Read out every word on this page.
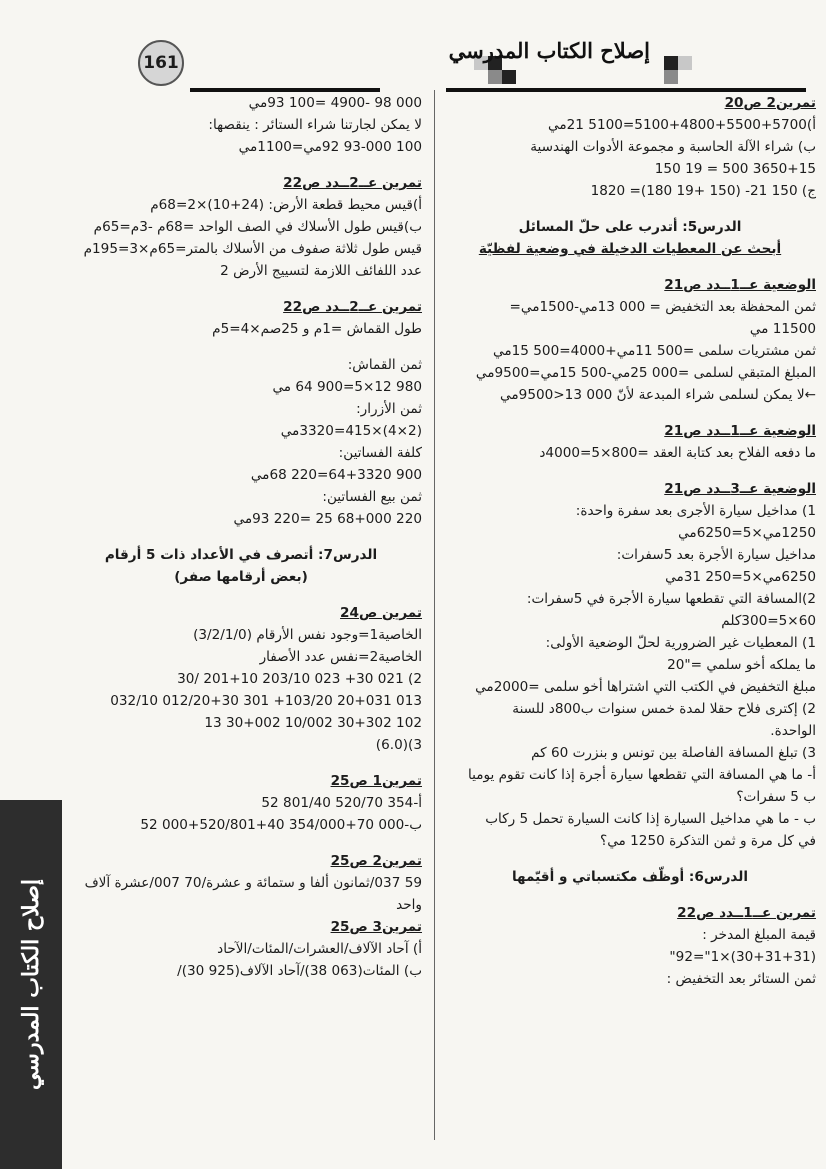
إصلاح الكتاب المدرسي
161
تمرين2 ص20
أ)5700+5500+4800+5100=5100 21مي
ب) شراء الآلة الحاسبة و مجموعة الأدوات الهندسية
3650+15 500 = 19 150
ج) 150 21- (150 +19 180)= 1820
الدرس5: أتدرب على حلّ المسائل
أبحث عن المعطيات الدخيلة في وضعية لفظيّة
الوضعية عــ1ــدد ص21
ثمن المحفظة بعد التخفيض = 000 13مي-1500مي=
11500 مي
ثمن مشتريات سلمى =500 11مي+4000=500 15مي
المبلغ المتبقي لسلمى =000 25مي-500 15مي=9500مي
←لا يمكن لسلمى شراء المبدعة لأنّ 000 13<9500مي
الوضعية عــ1ــدد ص21
ما دفعه الفلاح بعد كتابة العقد =800×5=4000د
الوضعية عــ3ــدد ص21
1) مداخيل سيارة الأجرى بعد سفرة واحدة:
1250مي×5=6250مي
مداخيل سيارة الأجرة بعد 5سفرات:
6250مي×5=250 31مي
2)المسافة التي تقطعها سيارة الأجرة في 5سفرات:
60×5=300كلم
1) المعطيات غير الضرورية لحلّ الوضعية الأولى:
ما يملكه أخو سلمي ="20
مبلغ التخفيض في الكتب التي اشتراها أخو سلمى =2000مي
2) إكترى فلاح حقلا لمدة خمس سنوات ب800د للسنة
الواحدة.
3) تبلغ المسافة الفاصلة بين تونس و بنزرت 60 كم
أ- ما هي المسافة التي تقطعها سيارة أجرة إذا كانت تقوم يوميا
ب 5 سفرات؟
ب - ما هي مداخيل السيارة إذا كانت السيارة تحمل 5 ركاب
في كل مرة و ثمن التذكرة 1250 مي؟
الدرس6: أوظّف مكتسباتي و أقيّمها
تمرين عــ1ــدد ص22
قيمة المبلغ المدخر :
(30+31+31)×1"=92"
ثمن الستائر بعد التخفيض :
000 98 -4900 =100 93مي
لا يمكن لجارتنا شراء الستائر : ينقصها:
100 93-000 92مي=1100مي
تمرين عــ2ــدد ص22
أ)قيس محيط قطعة الأرض: (24+10)×2=68م
ب)قيس طول الأسلاك في الصف الواحد =68م -3م=65م
قيس طول ثلاثة صفوف من الأسلاك بالمتر=65م×3=195م
عدد اللفائف اللازمة لتسييج الأرض 2
تمرين عــ2ــدد ص22
طول القماش =1م و 25صم×4=5م
ثمن القماش:
980 12×5=900 64 مي
ثمن الأزرار:
(2×4)×415=3320مي
كلفة الفساتين:
900 64+3320=220 68مي
ثمن بيع الفساتين:
220 68+000 25 =220 93مي
الدرس7: أتصرف في الأعداد ذات 5 أرقام
(بعض أرقامها صفر)
تمرين ص24
الخاصية1=وجود نفس الأرقام (3/2/1/0)
الخاصية2=نفس عدد الأصفار
2) 021 30+ 023 203/10 201+10 /30
013 20+031 103/20+ 301 012/20+30 032/10
102 30+302 10/002 30+002 13
3)(6.0)
تمرين1 ص25
أ-354 520/70 801/40 52
ب-000 70+354/000 40+520/801+000 52
تمرين2 ص25
59 037/ثمانون ألفا و ستمائة و عشرة/70 007/عشرة آلاف
واحد
تمرين3 ص25
أ) آحاد الآلاف/العشرات/المئات/الآحاد
ب) المئات(063 38)/آحاد الآلاف(925 30)/
إصلاح الكتاب المدرسي
